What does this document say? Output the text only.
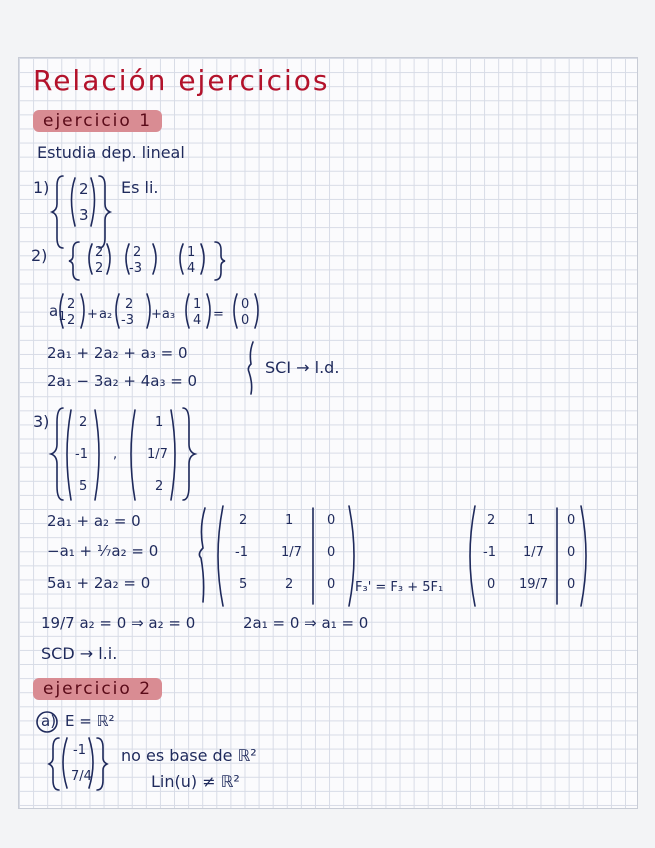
Relación ejercicios
ejercicio 1
Estudia dep. lineal
1) 2
3
Es li.
2)	2
2
2
-3
1
4
$a_1$
2
2 + a₂
2
-3 +a₃
1
4 =
0
0
2a₁ + 2a₂ + a₃ = 0
2a₁ − 3a₂ + 4a₃ = 0
SCI → l.d.
3) 2
-1
5
,
1
1/7
2
2a₁ + a₂ = 0
−a₁ + ⅐a₂ = 0
5a₁ + 2a₂ = 0
2	1	0
-1	1/7 0
5	2	0 F₃' = F₃ + 5F₁
2 1 0
-1 1/7 0
0 19/7 0
19/7 a₂ = 0 ⇒ a₂ = 0	2a₁ = 0 ⇒ a₁ = 0
SCD → l.i.
ejercicio 2
a) E = ℝ²
-1
7/4
no es base de ℝ²
Lin(u) ≠ ℝ²
